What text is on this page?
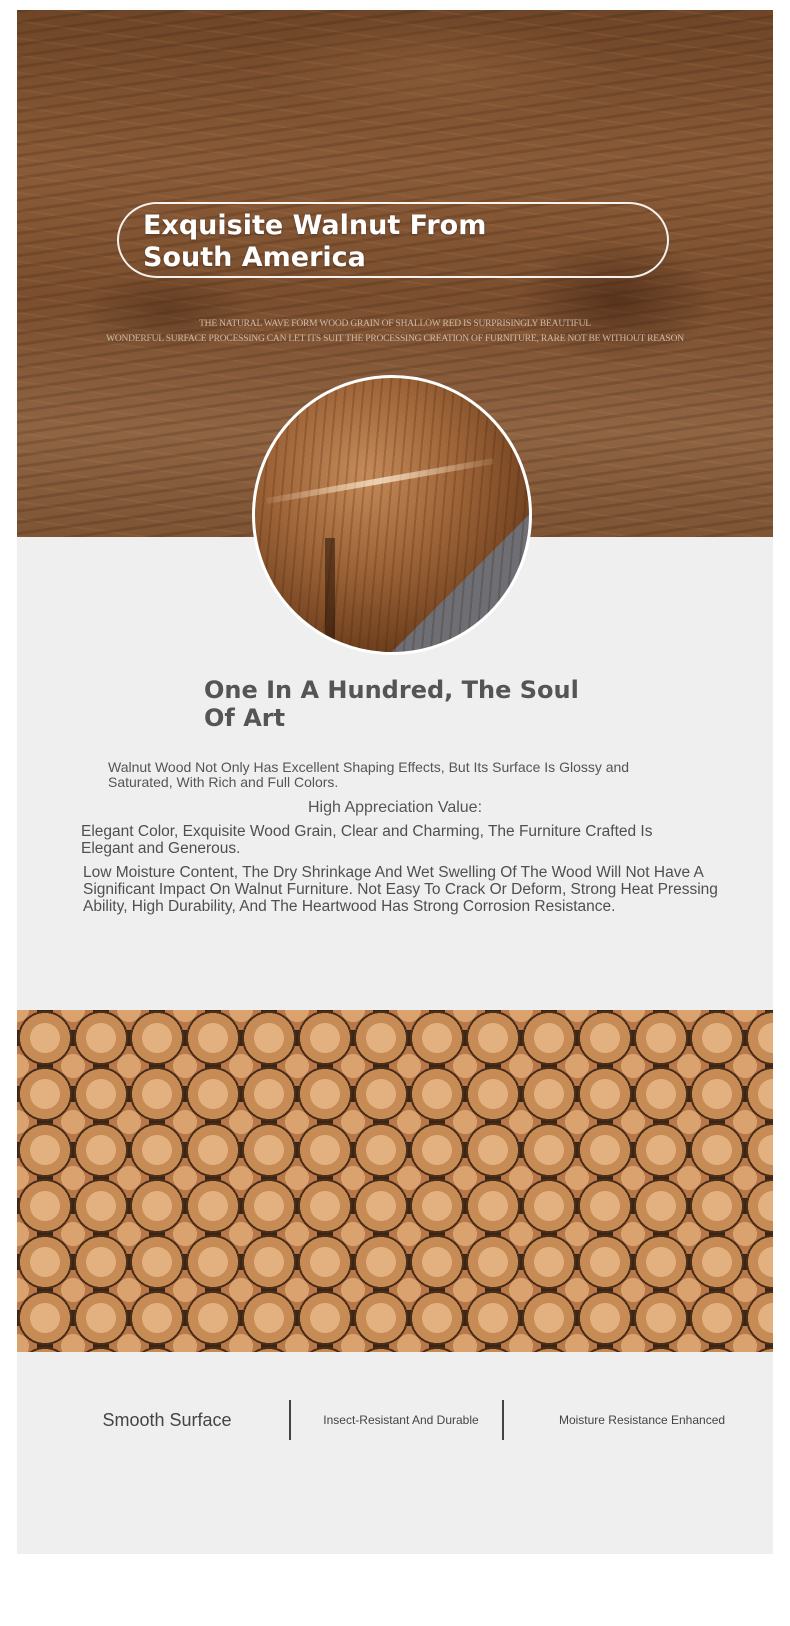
Exquisite Walnut From South America
THE NATURAL WAVE FORM WOOD GRAIN OF SHALLOW RED IS SURPRISINGLY BEAUTIFUL
WONDERFUL SURFACE PROCESSING CAN LET ITS SUIT THE PROCESSING CREATION OF FURNITURE, RARE NOT BE WITHOUT REASON
One In A Hundred, The Soul Of Art
Walnut Wood Not Only Has Excellent Shaping Effects, But Its Surface Is Glossy and Saturated, With Rich and Full Colors.
High Appreciation Value:
Elegant Color, Exquisite Wood Grain, Clear and Charming, The Furniture Crafted Is Elegant and Generous.
Low Moisture Content, The Dry Shrinkage And Wet Swelling Of The Wood Will Not Have A Significant Impact On Walnut Furniture. Not Easy To Crack Or Deform, Strong Heat Pressing Ability, High Durability, And The Heartwood Has Strong Corrosion Resistance.
Smooth Surface	Insect-Resistant And Durable	Moisture Resistance Enhanced
